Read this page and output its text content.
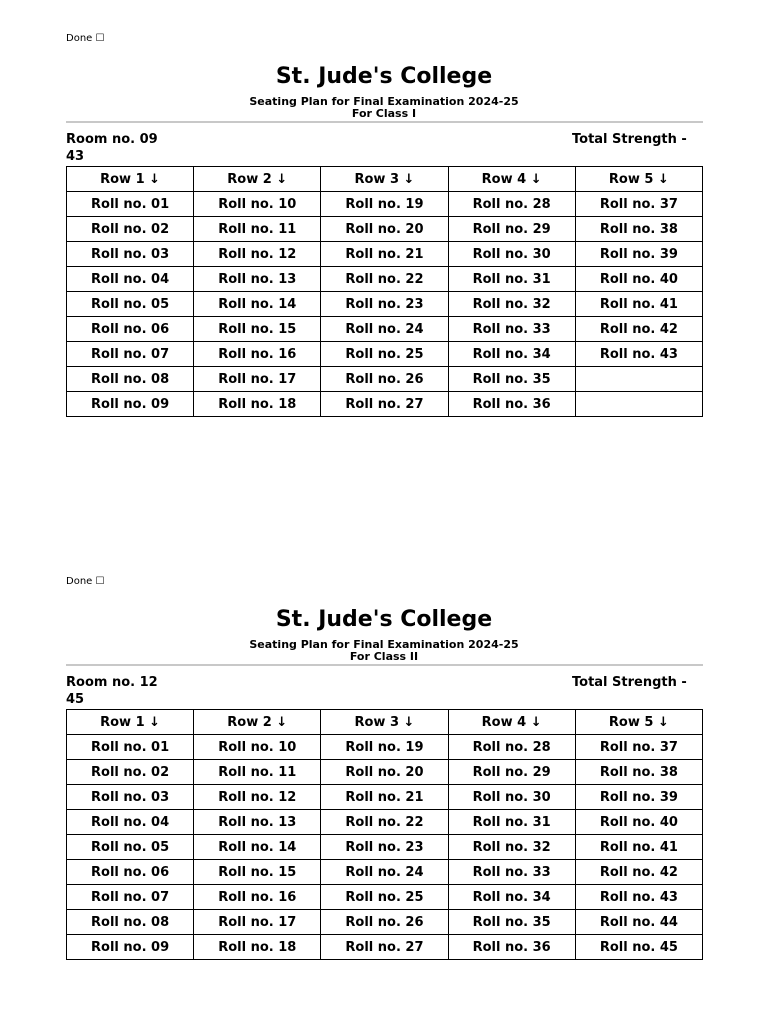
Done ☐
St. Jude's College

Seating Plan for Final Examination 2024-25

For Class I

Room no. 09	Total Strength -
43
Row 1 ↓	Row 2 ↓	Row 3 ↓	Row 4 ↓	Row 5 ↓
Roll no. 01	Roll no. 10	Roll no. 19	Roll no. 28	Roll no. 37
Roll no. 02	Roll no. 11	Roll no. 20	Roll no. 29	Roll no. 38
Roll no. 03	Roll no. 12	Roll no. 21	Roll no. 30	Roll no. 39
Roll no. 04	Roll no. 13	Roll no. 22	Roll no. 31	Roll no. 40
Roll no. 05	Roll no. 14	Roll no. 23	Roll no. 32	Roll no. 41
Roll no. 06	Roll no. 15	Roll no. 24	Roll no. 33	Roll no. 42
Roll no. 07	Roll no. 16	Roll no. 25	Roll no. 34	Roll no. 43
Roll no. 08	Roll no. 17	Roll no. 26	Roll no. 35	
Roll no. 09	Roll no. 18	Roll no. 27	Roll no. 36	
Done ☐
St. Jude's College

Seating Plan for Final Examination 2024-25

For Class II

Room no. 12	Total Strength -
45
Row 1 ↓	Row 2 ↓	Row 3 ↓	Row 4 ↓	Row 5 ↓
Roll no. 01	Roll no. 10	Roll no. 19	Roll no. 28	Roll no. 37
Roll no. 02	Roll no. 11	Roll no. 20	Roll no. 29	Roll no. 38
Roll no. 03	Roll no. 12	Roll no. 21	Roll no. 30	Roll no. 39
Roll no. 04	Roll no. 13	Roll no. 22	Roll no. 31	Roll no. 40
Roll no. 05	Roll no. 14	Roll no. 23	Roll no. 32	Roll no. 41
Roll no. 06	Roll no. 15	Roll no. 24	Roll no. 33	Roll no. 42
Roll no. 07	Roll no. 16	Roll no. 25	Roll no. 34	Roll no. 43
Roll no. 08	Roll no. 17	Roll no. 26	Roll no. 35	Roll no. 44
Roll no. 09	Roll no. 18	Roll no. 27	Roll no. 36	Roll no. 45
